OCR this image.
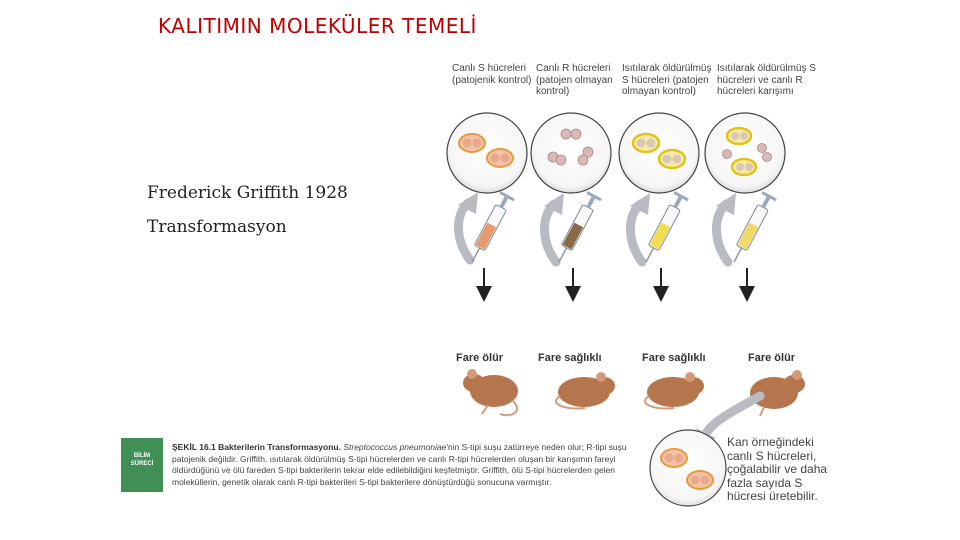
KALITIMIN MOLEKÜLER TEMELİ
Frederick Griffith 1928
Transformasyon
Canlı S hücreleri (patojenik kontrol)
Canlı R hücreleri (patojen olmayan kontrol)
Isıtılarak öldürülmüş S hücreleri (patojen olmayan kontrol)
Isıtılarak öldürülmüş S hücreleri ve canlı R hücreleri karışımı
Fare ölür	Fare sağlıklı	Fare sağlıklı	Fare ölür
Kan örneğindeki canlı S hücreleri, çoğalabilir ve daha fazla sayıda S hücresi üretebilir.
BİLİM
SÜRECİ
ŞEKİL 16.1 Bakterilerin Transformasyonu. Streptococcus pneumoniae'nin S-tipi suşu zatürreye neden olur; R-tipi suşu patojenik değildir. Griffith, ısıtılarak öldürülmüş S-tipi hücrelerden ve canlı R-tipi hücrelerden oluşan bir karışımın fareyi öldürdüğünü ve ölü fareden S-tipi bakterilerin tekrar elde edilebildiğini keşfetmiştir. Griffith, ölü S-tipi hücrelerden gelen moleküllerin, genetik olarak canlı R-tipi bakterileri S-tipi bakterilere dönüştürdüğü sonucuna varmıştır.
